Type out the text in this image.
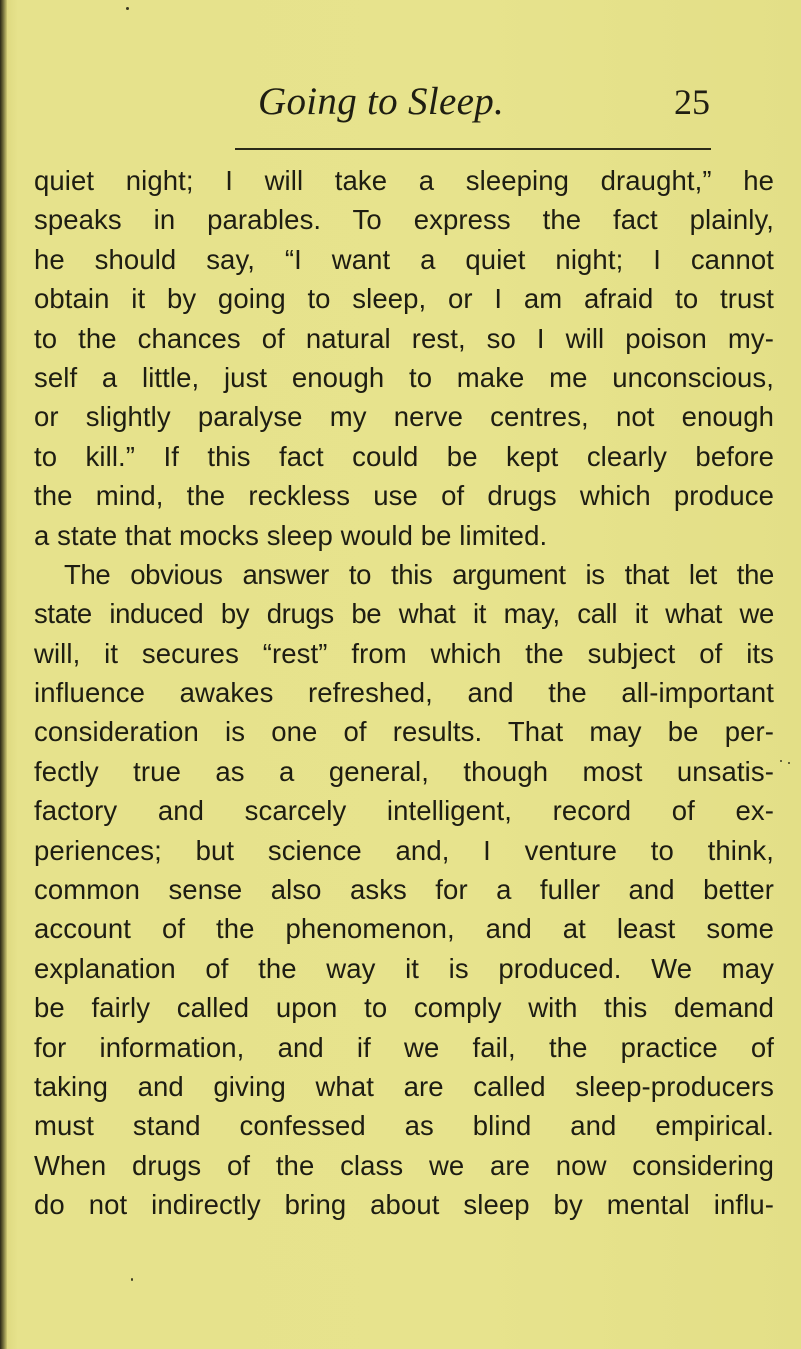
Going to Sleep.	25
quiet night; I will take a sleeping draught,” he
speaks in parables. To express the fact plainly,
he should say, “I want a quiet night; I cannot
obtain it by going to sleep, or I am afraid to trust
to the chances of natural rest, so I will poison my-
self a little, just enough to make me unconscious,
or slightly paralyse my nerve centres, not enough
to kill.” If this fact could be kept clearly before
the mind, the reckless use of drugs which produce
a state that mocks sleep would be limited.
The obvious answer to this argument is that let the
state induced by drugs be what it may, call it what we
will, it secures “rest” from which the subject of its
influence awakes refreshed, and the all-important
consideration is one of results. That may be per-
fectly true as a general, though most unsatis-
factory and scarcely intelligent, record of ex-
periences; but science and, I venture to think,
common sense also asks for a fuller and better
account of the phenomenon, and at least some
explanation of the way it is produced. We may
be fairly called upon to comply with this demand
for information, and if we fail, the practice of
taking and giving what are called sleep-producers
must stand confessed as blind and empirical.
When drugs of the class we are now considering
do not indirectly bring about sleep by mental influ-
